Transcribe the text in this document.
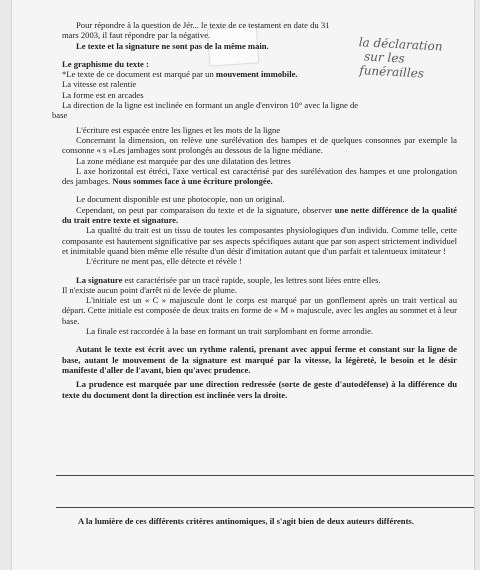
la déclaration

sur les

funérailles

Pour répondre à la question de Jér... le texte de ce testament en date du 31

mars 2003, il faut répondre par la négative.

Le texte et la signature ne sont pas de la même main.

Le graphisme du texte :

*Le texte de ce document est marqué par un mouvement immobile.

La vitesse est ralentie

La forme est en arcades

La direction de la ligne est inclinée en formant un angle d'environ 10° avec la ligne de

base

L'écriture est espacée entre les lignes et les mots de la ligne

Concernant la dimension, on relève une surélévation des hampes et de quelques consonnes par exemple la consonne « s »Les jambages sont prolongés au dessous de la ligne médiane.

La zone médiane est marquée par des une dilatation des lettres

L axe horizontal est étréci, l'axe vertical est caractérisé par des surélévation des hampes et une prolongation des jambages. Nous sommes face à une écriture prolongée.

Le document disponible est une photocopie, non un original.

Cependant, on peut par comparaison du texte et de la signature, observer une nette différence de la qualité du trait entre texte et signature.

La qualité du trait est un tissu de toutes les composantes physiologiques d'un individu. Comme telle, cette composante est hautement significative par ses aspects spécifiques autant que par son aspect strictement individuel et inimitable quand bien même elle résulte d'un désir d'imitation autant que d'un parfait et talentueux imitateur !

L'écriture ne ment pas, elle détecte et révèle !

La signature est caractérisée par un tracé rapide, souple, les lettres sont liées entre elles.

Il n'existe aucun point d'arrêt ni de levée de plume.

L'initiale est un « C » majuscule dont le corps est marqué par un gonflement après un trait vertical au départ. Cette initiale est composée de deux traits en forme de « M » majuscule, avec les angles au sommet et à leur base.

La finale est raccordée à la base en formant un trait surplombant en forme arrondie.

Autant le texte est écrit avec un rythme ralenti, prenant avec appui ferme et constant sur la ligne de base, autant le mouvement de la signature est marqué par la vitesse, la légèreté, le besoin et le désir manifeste d'aller de l'avant, bien qu'avec prudence.

La prudence est marquée par une direction redressée (sorte de geste d'autodéfense) à la différence du texte du document dont la direction est inclinée vers la droite.

A la lumière de ces différents critères antinomiques, il s'agit bien de deux auteurs différents.
